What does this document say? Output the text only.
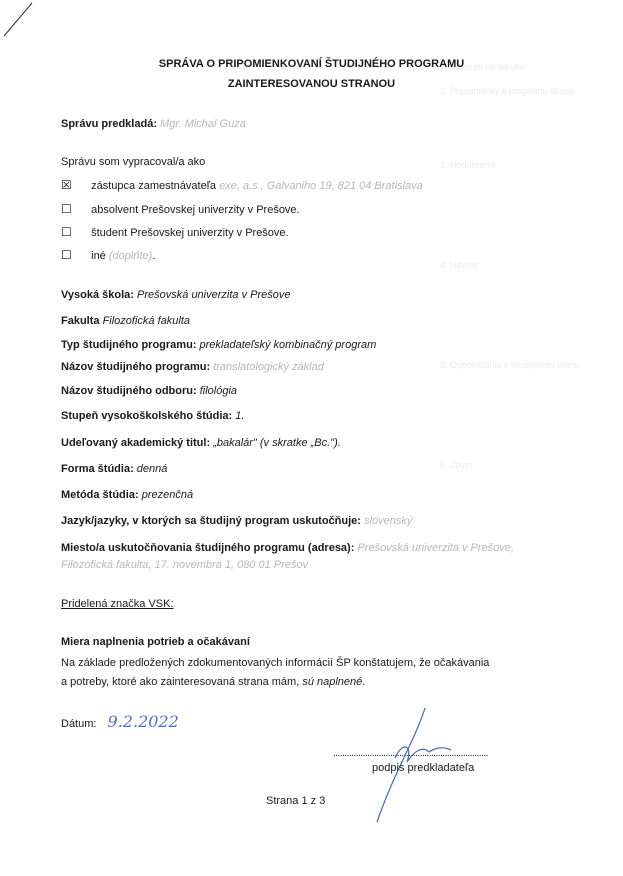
1. Štúdium na fakulte
2. Pripomienky k programu štúdia
3. Hodnotenie
4. Návrhy
5. Odporúčania k študijnému plánu
6. Záver
SPRÁVA O PRIPOMIENKOVANÍ ŠTUDIJNÉHO PROGRAMU
ZAINTERESOVANOU STRANOU
Správu predkladá: Mgr. Michal Guza
Správu som vypracoval/a ako
☒ zástupca zamestnávateľa exe, a.s., Galvaniho 19, 821 04 Bratislava
☐ absolvent Prešovskej univerzity v Prešove.
☐ študent Prešovskej univerzity v Prešove.
☐ iné (doplňte).
Vysoká škola: Prešovská univerzita v Prešove
Fakulta Filozofická fakulta
Typ študijného programu: prekladateľský kombinačný program
Názov študijného programu: translatologický základ
Názov študijného odboru: filológia
Stupeň vysokoškolského štúdia: 1.
Udeľovaný akademický titul: „bakalár" (v skratke „Bc.").
Forma štúdia: denná
Metóda štúdia: prezenčná
Jazyk/jazyky, v ktorých sa študijný program uskutočňuje: slovenský
Miesto/a uskutočňovania študijného programu (adresa): Prešovská univerzita v Prešove,
Filozofická fakulta, 17. novembra 1, 080 01 Prešov
Pridelená značka VSK:
Miera naplnenia potrieb a očakávaní
Na základe predložených zdokumentovaných informácií ŠP konštatujem, že očakávania
a potreby, ktoré ako zainteresovaná strana mám, sú naplnené.
Dátum: 9.2.2022
....................................................................
podpis predkladateľa
Strana 1 z 3
